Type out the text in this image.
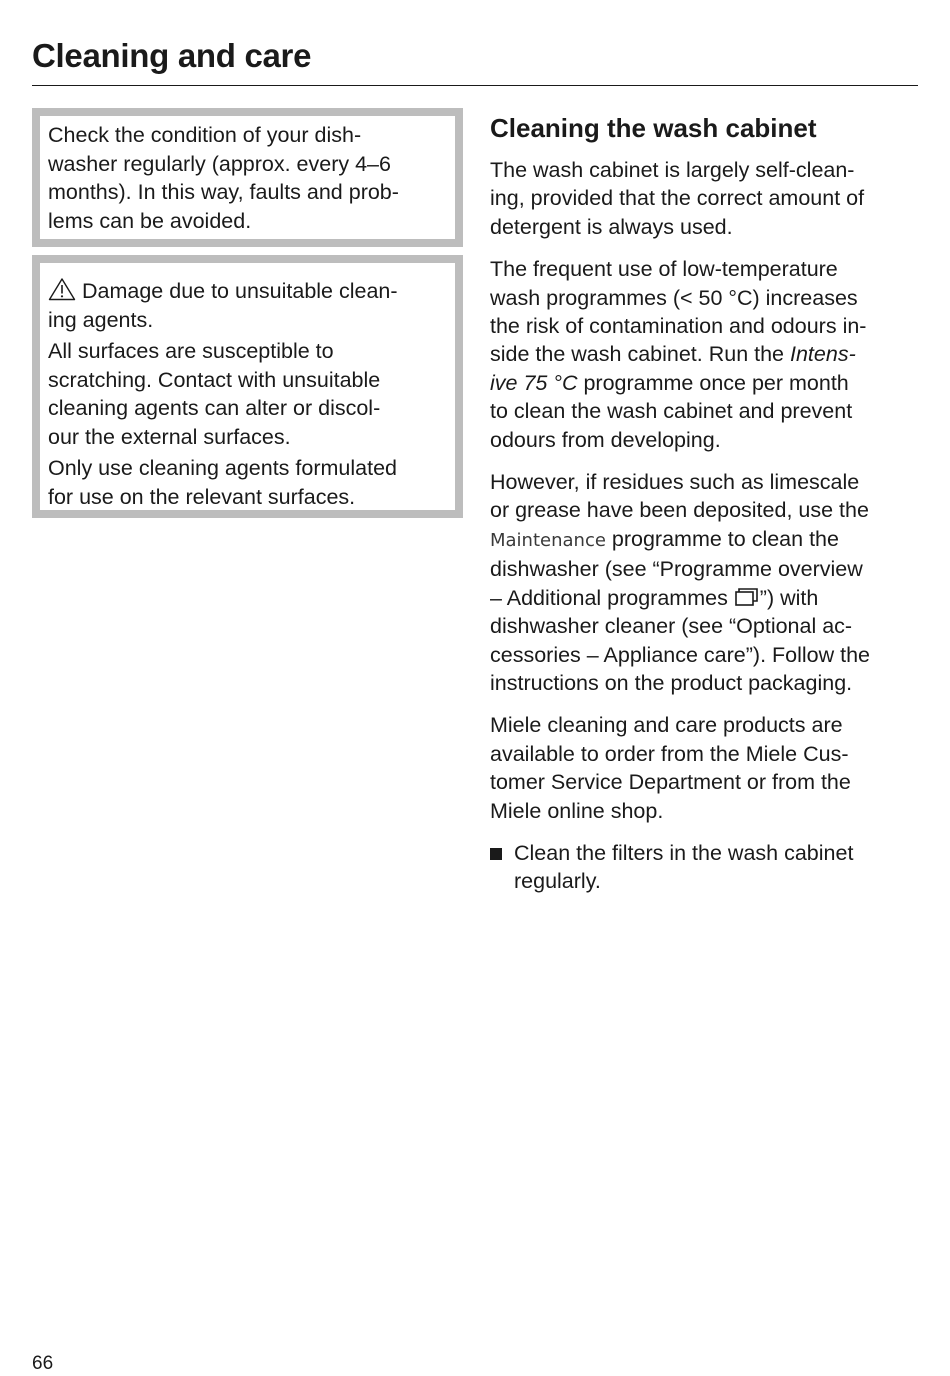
Cleaning and care

Check the condition of your dish-
washer regularly (approx. every 4–6
months). In this way, faults and prob-
lems can be avoided.

Damage due to unsuitable clean-
ing agents.

All surfaces are susceptible to
scratching. Contact with unsuitable
cleaning agents can alter or discol-
our the external surfaces.

Only use cleaning agents formulated
for use on the relevant surfaces.

Cleaning the wash cabinet

The wash cabinet is largely self-clean-
ing, provided that the correct amount of
detergent is always used.

The frequent use of low-temperature
wash programmes (< 50 °C) increases
the risk of contamination and odours in-
side the wash cabinet. Run the Intens-
ive 75 °C programme once per month
to clean the wash cabinet and prevent
odours from developing.

However, if residues such as limescale
or grease have been deposited, use the
Maintenance programme to clean the
dishwasher (see “Programme overview
– Additional programmes ”) with
dishwasher cleaner (see “Optional ac-
cessories – Appliance care”). Follow the
instructions on the product packaging.

Miele cleaning and care products are
available to order from the Miele Cus-
tomer Service Department or from the
Miele online shop.

Clean the filters in the wash cabinet
regularly.
66
